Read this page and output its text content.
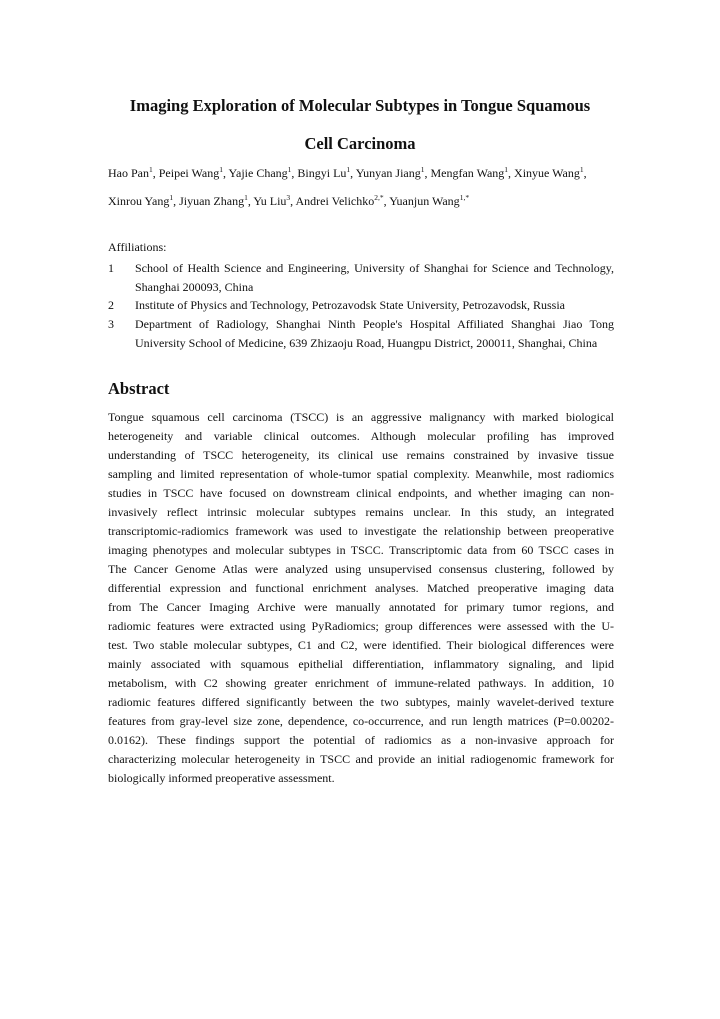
Imaging Exploration of Molecular Subtypes in Tongue Squamous
Cell Carcinoma
Hao Pan$^1$, Peipei Wang$^1$, Yajie Chang$^1$, Bingyi Lu$^1$, Yunyan Jiang$^1$, Mengfan Wang$^1$, Xinyue Wang$^1$,
Xinrou Yang$^1$, Jiyuan Zhang$^1$, Yu Liu$^3$, Andrei Velichko$^{2,*}$, Yuanjun Wang$^{1,*}$
Affiliations:
1	School of Health Science and Engineering, University of Shanghai for Science and Technology, Shanghai 200093, China
2	Institute of Physics and Technology, Petrozavodsk State University, Petrozavodsk, Russia
3	Department of Radiology, Shanghai Ninth People's Hospital Affiliated Shanghai Jiao Tong University School of Medicine, 639 Zhizaoju Road, Huangpu District, 200011, Shanghai, China
Abstract
Tongue squamous cell carcinoma (TSCC) is an aggressive malignancy with marked biological
heterogeneity and variable clinical outcomes. Although molecular profiling has improved
understanding of TSCC heterogeneity, its clinical use remains constrained by invasive tissue
sampling and limited representation of whole-tumor spatial complexity. Meanwhile, most radiomics
studies in TSCC have focused on downstream clinical endpoints, and whether imaging can non-
invasively reflect intrinsic molecular subtypes remains unclear. In this study, an integrated
transcriptomic-radiomics framework was used to investigate the relationship between preoperative
imaging phenotypes and molecular subtypes in TSCC. Transcriptomic data from 60 TSCC cases in
The Cancer Genome Atlas were analyzed using unsupervised consensus clustering, followed by
differential expression and functional enrichment analyses. Matched preoperative imaging data
from The Cancer Imaging Archive were manually annotated for primary tumor regions, and
radiomic features were extracted using PyRadiomics; group differences were assessed with the U-
test. Two stable molecular subtypes, C1 and C2, were identified. Their biological differences were
mainly associated with squamous epithelial differentiation, inflammatory signaling, and lipid
metabolism, with C2 showing greater enrichment of immune-related pathways. In addition, 10
radiomic features differed significantly between the two subtypes, mainly wavelet-derived texture
features from gray-level size zone, dependence, co-occurrence, and run length matrices (P=0.00202-
0.0162). These findings support the potential of radiomics as a non-invasive approach for
characterizing molecular heterogeneity in TSCC and provide an initial radiogenomic framework for
biologically informed preoperative assessment.
